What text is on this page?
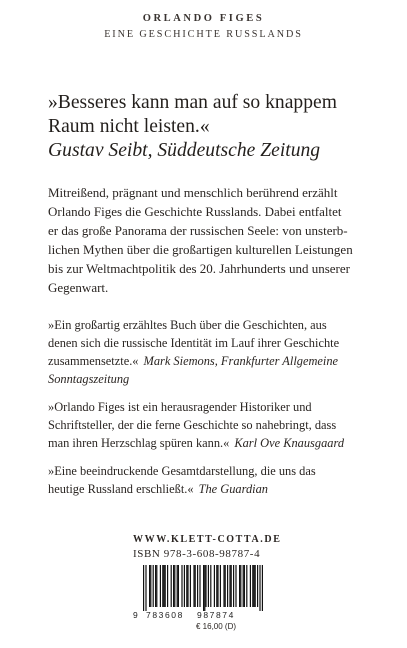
ORLANDO FIGES
EINE GESCHICHTE RUSSLANDS
»Besseres kann man auf so knappem
Raum nicht leisten.«
Gustav Seibt, Süddeutsche Zeitung
Mitreißend, prägnant und menschlich berührend erzählt
Orlando Figes die Geschichte Russlands. Dabei entfaltet
er das große Panorama der russischen Seele: von unsterb-
lichen Mythen über die großartigen kulturellen Leistungen
bis zur Weltmachtpolitik des 20. Jahrhunderts und unserer
Gegenwart.
»Ein großartig erzähltes Buch über die Geschichten, aus
denen sich die russische Identität im Lauf ihrer Geschichte
zusammensetzte.« Mark Siemons, Frankfurter Allgemeine
Sonntagszeitung
»Orlando Figes ist ein herausragender Historiker und
Schriftsteller, der die ferne Geschichte so nahebringt, dass
man ihren Herzschlag spüren kann.« Karl Ove Knausgaard
»Eine beeindruckende Gesamtdarstellung, die uns das
heutige Russland erschließt.« The Guardian
WWW.KLETT-COTTA.DE
ISBN 978-3-608-98787-4
9 783608 987874
€ 16,00 (D)
